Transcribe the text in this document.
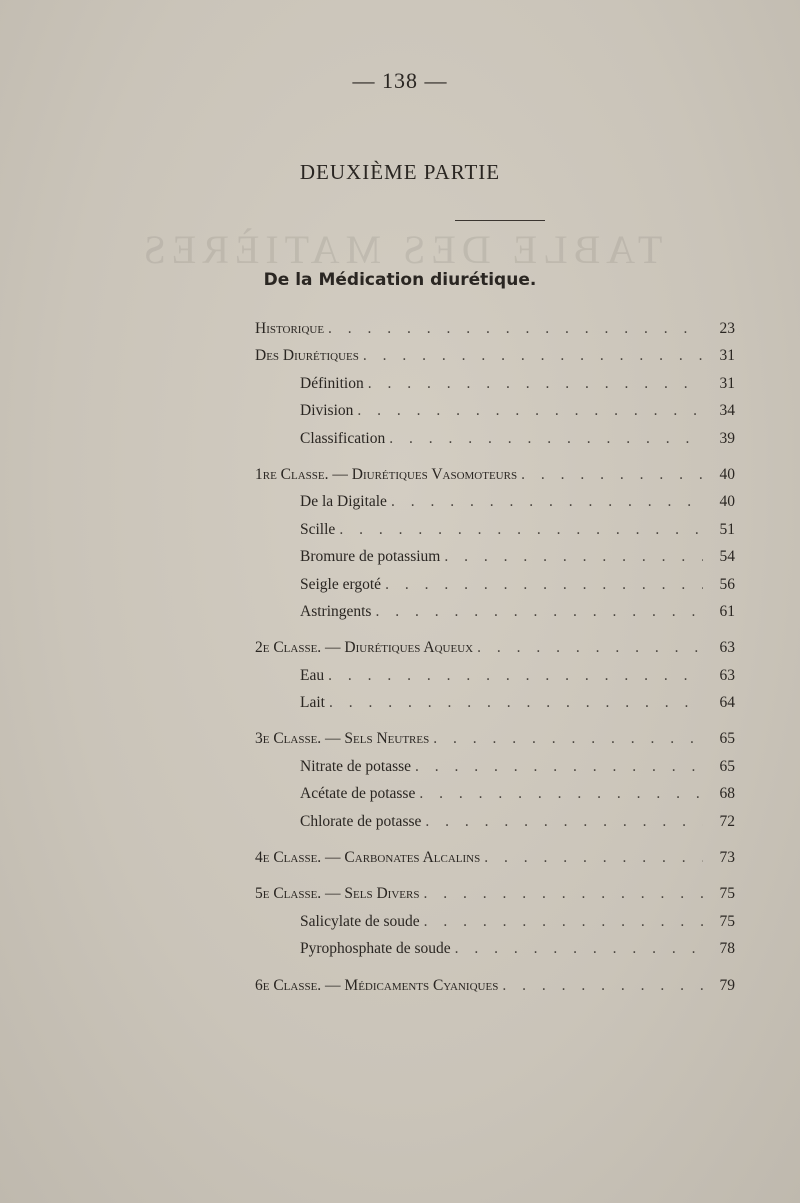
TABLE DES MATIÈRES
— 138 —
DEUXIÈME PARTIE
De la Médication diurétique.
Historique . . .	23
Des Diurétiques . . .	31
Définition . . .	31
Division . . .	34
Classification . . .	39
1re Classe. — Diurétiques Vasomoteurs . . .	40
De la Digitale . . .	40
Scille . . .	51
Bromure de potassium . . .	54
Seigle ergoté . . .	56
Astringents . . .	61
2e Classe. — Diurétiques Aqueux . . .	63
Eau . . .	63
Lait . . .	64
3e Classe. — Sels Neutres . . .	65
Nitrate de potasse . . .	65
Acétate de potasse . . .	68
Chlorate de potasse . . .	72
4e Classe. — Carbonates Alcalins . . .	73
5e Classe. — Sels Divers . . .	75
Salicylate de soude . . .	75
Pyrophosphate de soude . . .	78
6e Classe. — Médicaments Cyaniques . . .	79
